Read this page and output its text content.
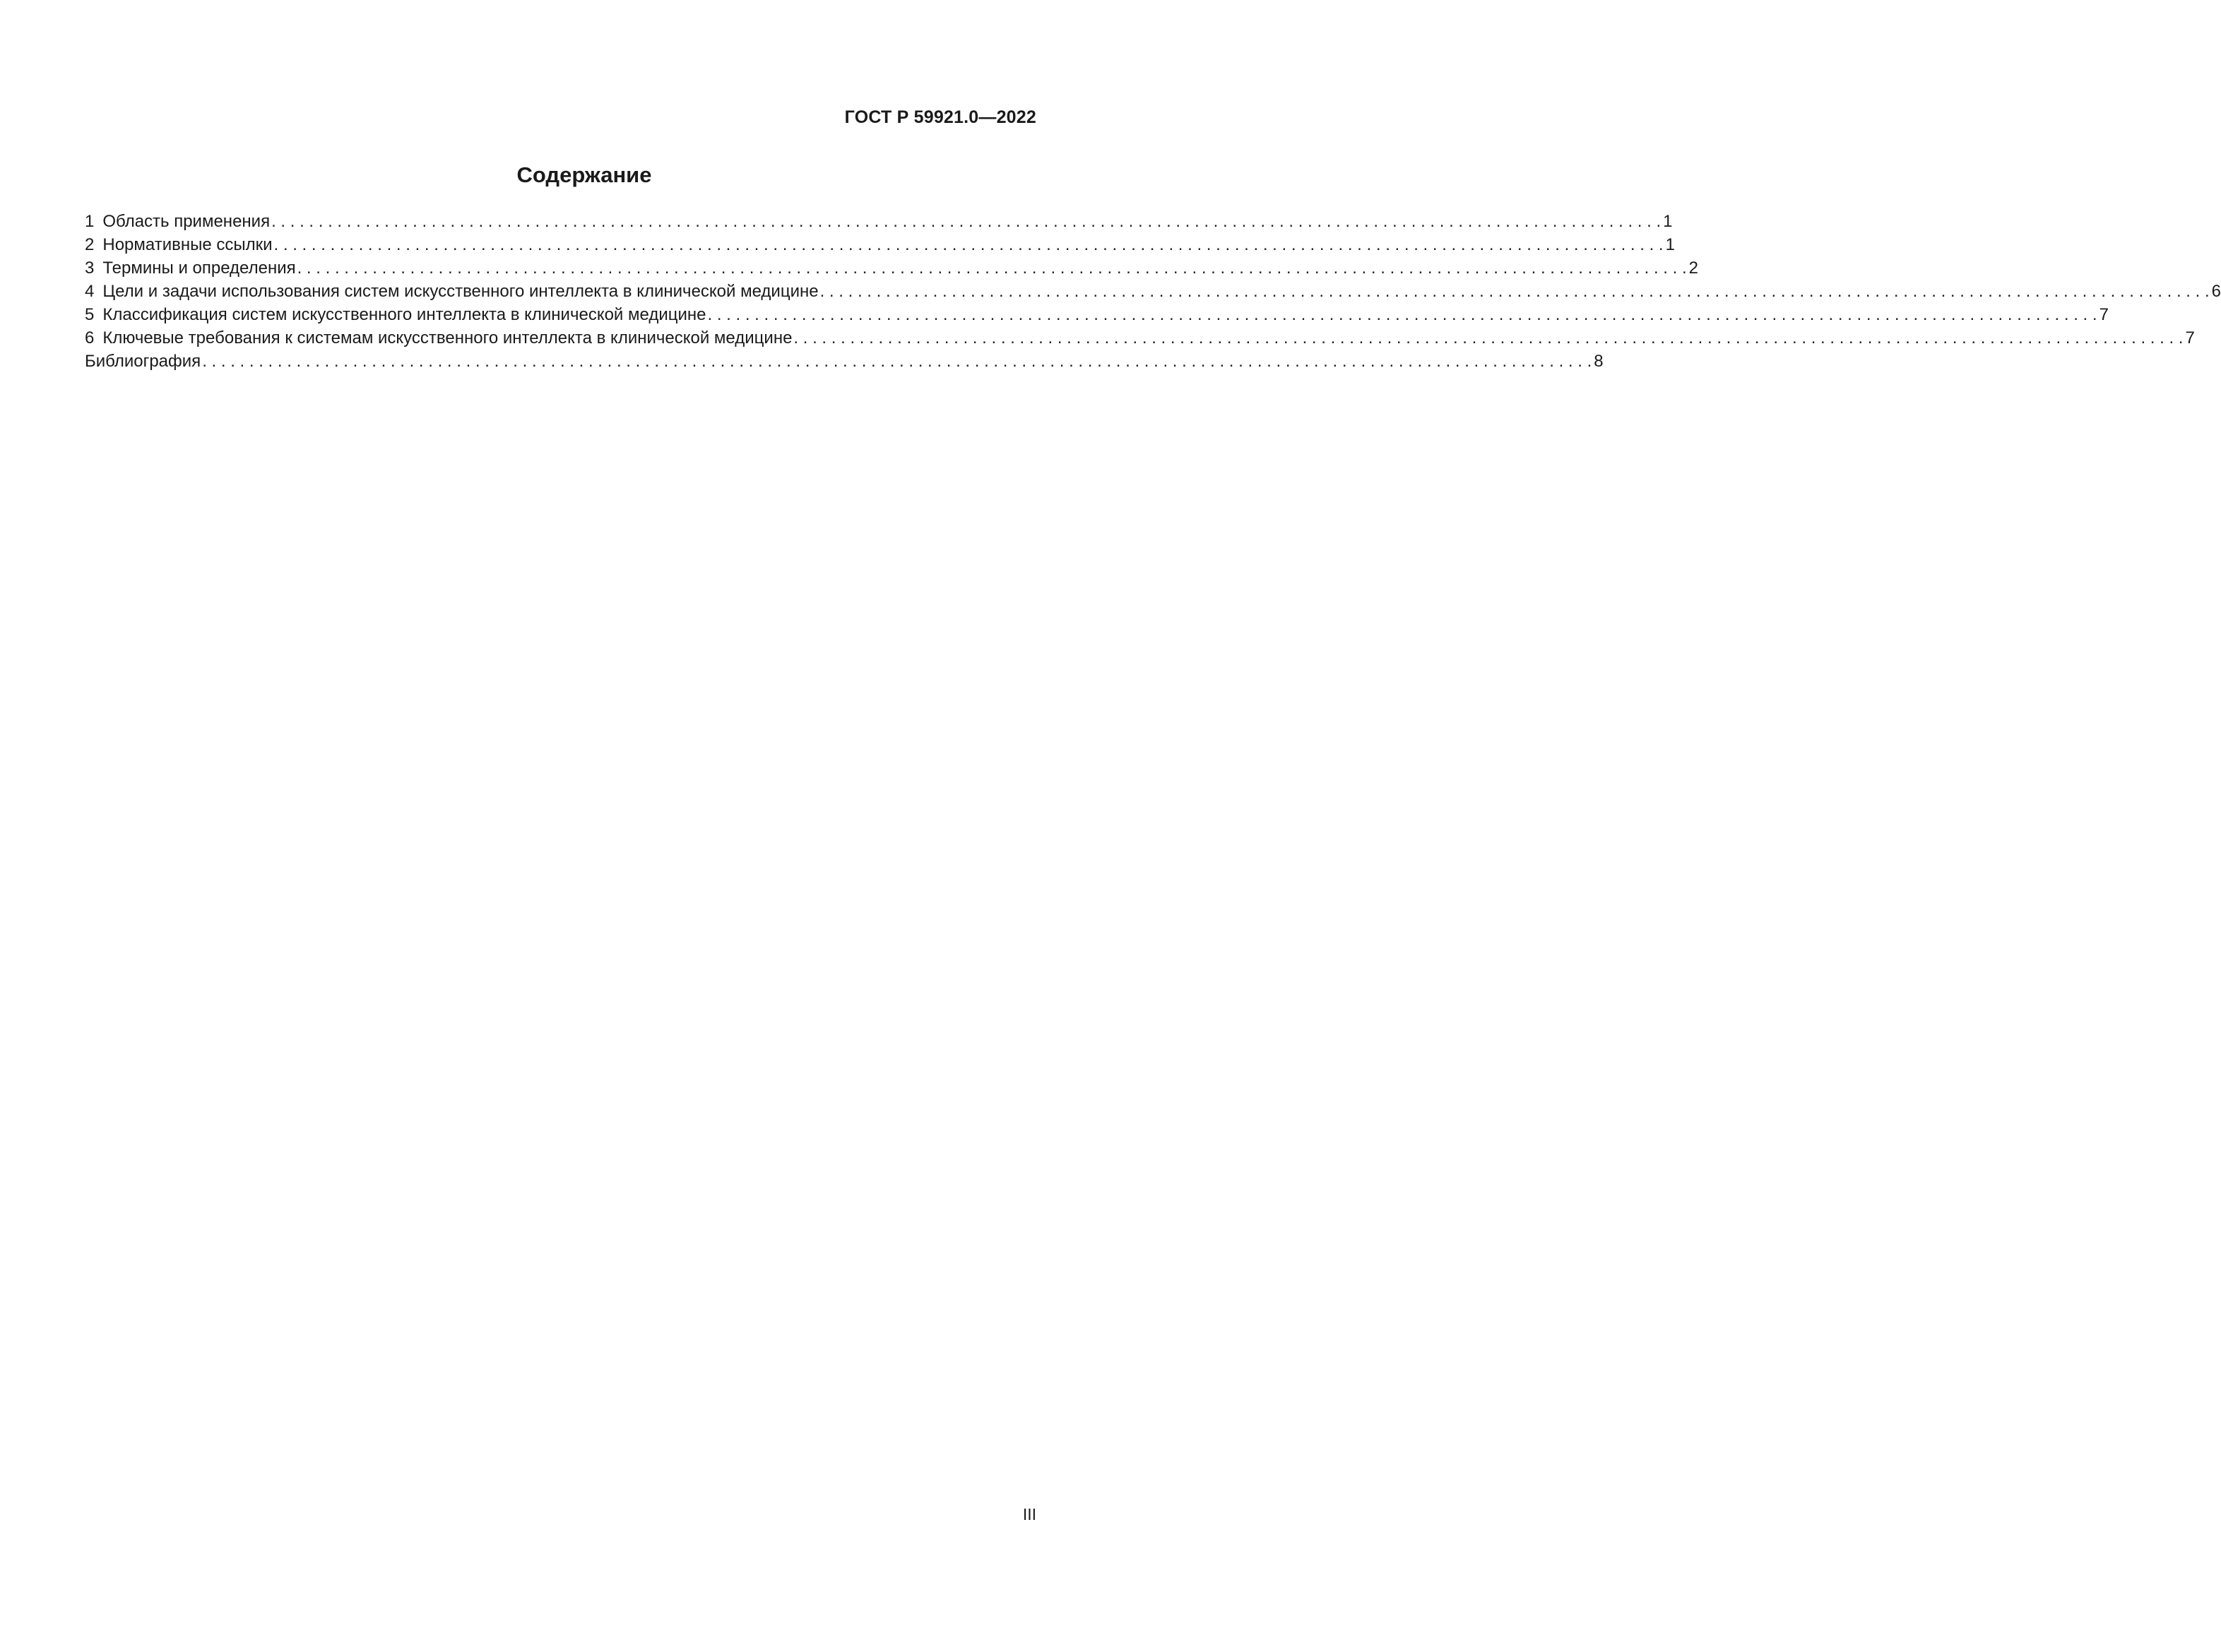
ГОСТ Р 59921.0—2022
Содержание
1 Область применения . . .	1
2 Нормативные ссылки . . .	1
3 Термины и определения . . .	2
4 Цели и задачи использования систем искусственного интеллекта в клинической медицине . . .	6
5 Классификация систем искусственного интеллекта в клинической медицине . . .	7
6 Ключевые требования к системам искусственного интеллекта в клинической медицине . . .	7
Библиография . . .	8
III
